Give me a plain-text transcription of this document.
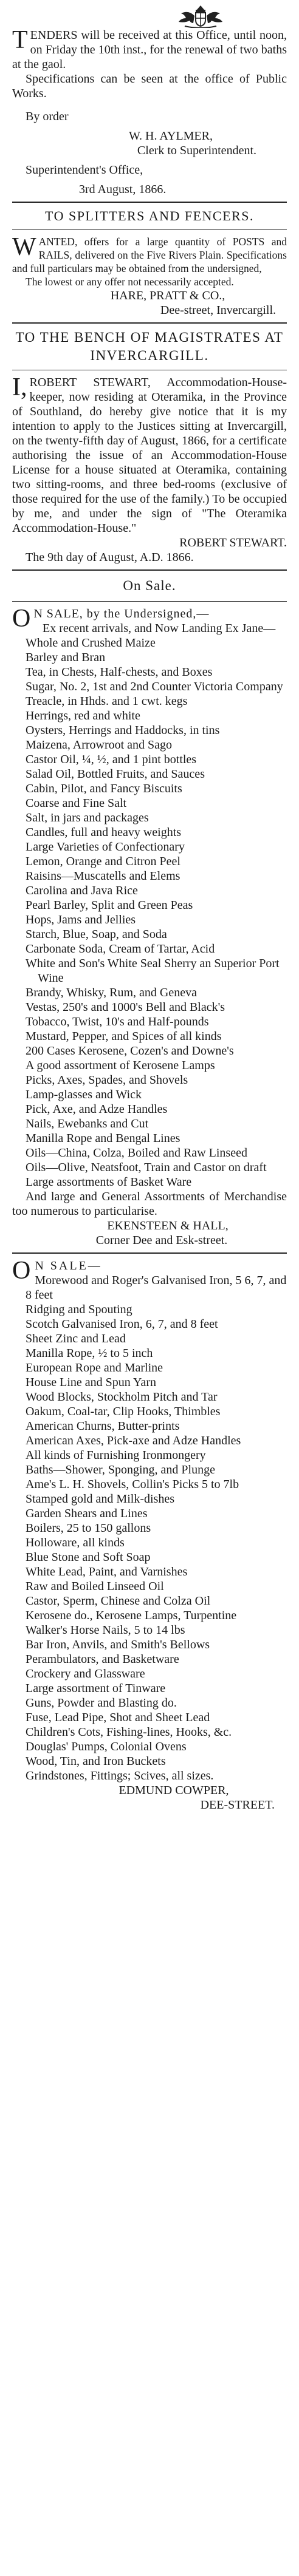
TENDERS will be received at this Office, until noon, on Friday the 10th inst., for the renewal of two baths at the gaol.

Specifications can be seen at the office of Public Works.

By order

W. H. AYLMER,

Clerk to Superintendent.

Superintendent's Office,

3rd August, 1866.

TO SPLITTERS AND FENCERS.

WANTED, offers for a large quantity of POSTS and RAILS, delivered on the Five Rivers Plain. Specifications and full particulars may be obtained from the undersigned,

The lowest or any offer not necessarily accepted.

HARE, PRATT & CO.,

Dee-street, Invercargill.

TO THE BENCH OF MAGISTRATES AT INVERCARGILL.

I,ROBERT STEWART, Accommodation-House-keeper, now residing at Oteramika, in the Province of Southland, do hereby give notice that it is my intention to apply to the Justices sitting at Invercargill, on the twenty-fifth day of August, 1866, for a certificate authorising the issue of an Accommodation-House License for a house situated at Oteramika, containing two sitting-rooms, and three bed-rooms (exclusive of those required for the use of the family.) To be occupied by me, and under the sign of "The Oteramika Accommodation-House."

ROBERT STEWART.

The 9th day of August, A.D. 1866.

On Sale.

ON SALE, by the Undersigned,—

Ex recent arrivals, and Now Landing Ex Jane—

Whole and Crushed Maize

Barley and Bran

Tea, in Chests, Half-chests, and Boxes

Sugar, No. 2, 1st and 2nd Counter Victoria Company

Treacle, in Hhds. and 1 cwt. kegs

Herrings, red and white

Oysters, Herrings and Haddocks, in tins

Maizena, Arrowroot and Sago

Castor Oil, ¼, ½, and 1 pint bottles

Salad Oil, Bottled Fruits, and Sauces

Cabin, Pilot, and Fancy Biscuits

Coarse and Fine Salt

Salt, in jars and packages

Candles, full and heavy weights

Large Varieties of Confectionary

Lemon, Orange and Citron Peel

Raisins—Muscatells and Elems

Carolina and Java Rice

Pearl Barley, Split and Green Peas

Hops, Jams and Jellies

Starch, Blue, Soap, and Soda

Carbonate Soda, Cream of Tartar, Acid

White and Son's White Seal Sherry an Superior Port Wine

Brandy, Whisky, Rum, and Geneva

Vestas, 250's and 1000's Bell and Black's

Tobacco, Twist, 10's and Half-pounds

Mustard, Pepper, and Spices of all kinds

200 Cases Kerosene, Cozen's and Downe's

A good assortment of Kerosene Lamps

Picks, Axes, Spades, and Shovels

Lamp-glasses and Wick

Pick, Axe, and Adze Handles

Nails, Ewebanks and Cut

Manilla Rope and Bengal Lines

Oils—China, Colza, Boiled and Raw Linseed

Oils—Olive, Neatsfoot, Train and Castor on draft

Large assortments of Basket Ware

And large and General Assortments of Merchandise too numerous to particularise.

EKENSTEEN & HALL,

Corner Dee and Esk-street.

ON SALE—

Morewood and Roger's Galvanised Iron, 5 6, 7, and 8 feet

Ridging and Spouting

Scotch Galvanised Iron, 6, 7, and 8 feet

Sheet Zinc and Lead

Manilla Rope, ½ to 5 inch

European Rope and Marline

House Line and Spun Yarn

Wood Blocks, Stockholm Pitch and Tar

Oakum, Coal-tar, Clip Hooks, Thimbles

American Churns, Butter-prints

American Axes, Pick-axe and Adze Handles

All kinds of Furnishing Ironmongery

Baths—Shower, Sponging, and Plunge

Ame's L. H. Shovels, Collin's Picks 5 to 7lb

Stamped gold and Milk-dishes

Garden Shears and Lines

Boilers, 25 to 150 gallons

Holloware, all kinds

Blue Stone and Soft Soap

White Lead, Paint, and Varnishes

Raw and Boiled Linseed Oil

Castor, Sperm, Chinese and Colza Oil

Kerosene do., Kerosene Lamps, Turpentine

Walker's Horse Nails, 5 to 14 lbs

Bar Iron, Anvils, and Smith's Bellows

Perambulators, and Basketware

Crockery and Glassware

Large assortment of Tinware

Guns, Powder and Blasting do.

Fuse, Lead Pipe, Shot and Sheet Lead

Children's Cots, Fishing-lines, Hooks, &c.

Douglas' Pumps, Colonial Ovens

Wood, Tin, and Iron Buckets

Grindstones, Fittings; Scives, all sizes.

EDMUND COWPER,

DEE-STREET.
